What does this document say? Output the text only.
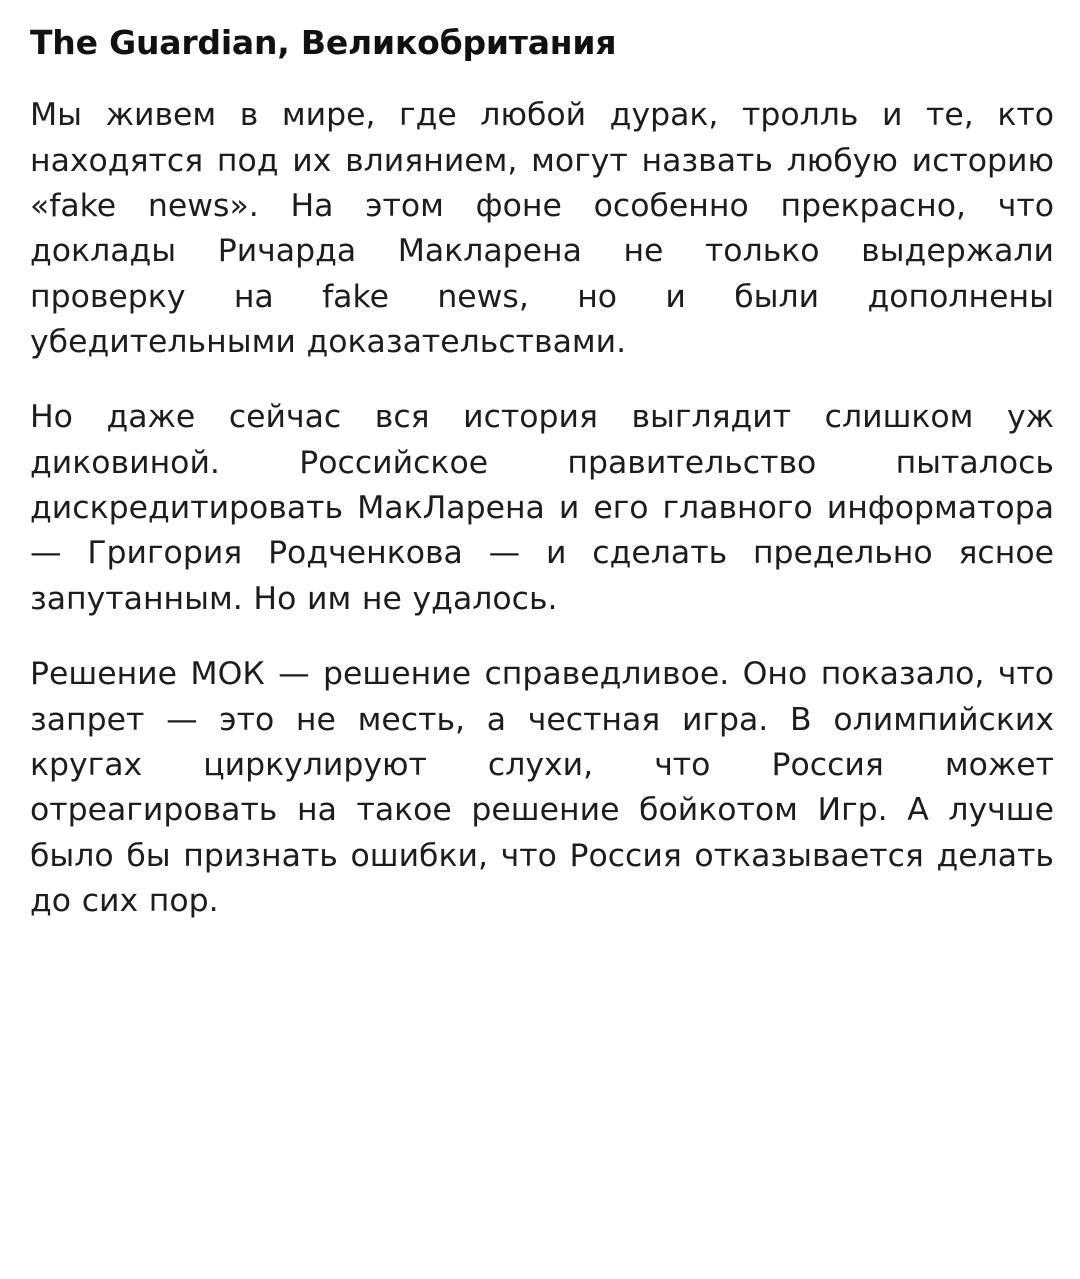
The Guardian, Великобритания

Мы живем в мире, где любой дурак, тролль и те, кто находятся под их влиянием, могут назвать любую историю «fake news». На этом фоне особенно прекрасно, что доклады Ричарда Макларена не только выдержали проверку на fake news, но и были дополнены убедительными доказательствами.

Но даже сейчас вся история выглядит слишком уж диковиной. Российское правительство пыталось дискредитировать МакЛарена и его главного информатора — Григория Родченкова — и сделать предельно ясное запутанным. Но им не удалось.

Решение МОК — решение справедливое. Оно показало, что запрет — это не месть, а честная игра. В олимпийских кругах циркулируют слухи, что Россия может отреагировать на такое решение бойкотом Игр. А лучше было бы признать ошибки, что Россия отказывается делать до сих пор.
